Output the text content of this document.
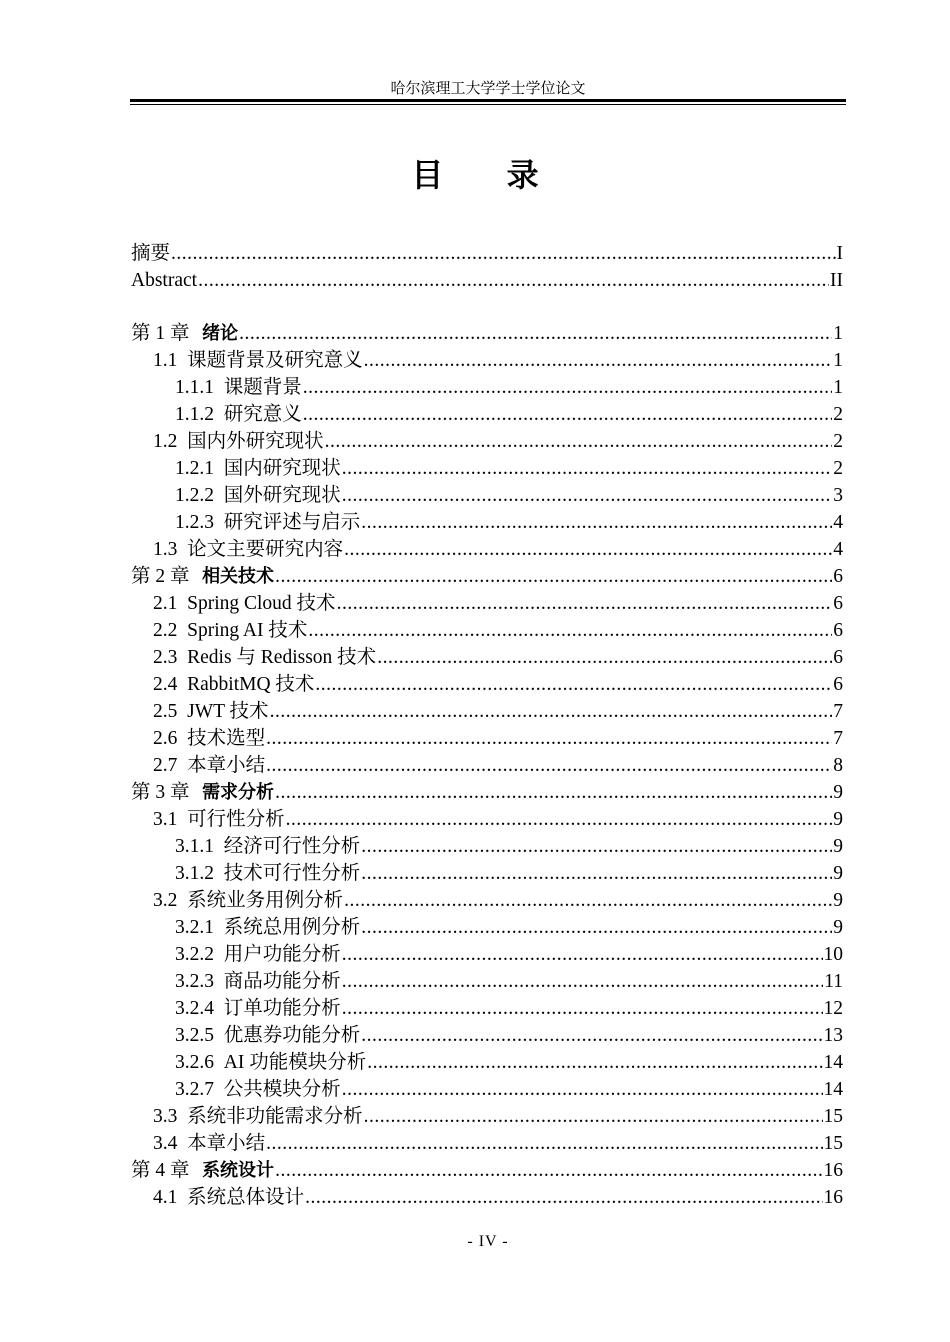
哈尔滨理工大学学士学位论文
目 录
摘要 .....	I
Abstract .....	II
第 1 章 绪论 .....	1
1.1 课题背景及研究意义 .....	1
1.1.1 课题背景 .....	1
1.1.2 研究意义 .....	2
1.2 国内外研究现状 .....	2
1.2.1 国内研究现状 .....	2
1.2.2 国外研究现状 .....	3
1.2.3 研究评述与启示 .....	4
1.3 论文主要研究内容 .....	4
第 2 章 相关技术 .....	6
2.1 Spring Cloud 技术 .....	6
2.2 Spring AI 技术 .....	6
2.3 Redis 与 Redisson 技术 .....	6
2.4 RabbitMQ 技术 .....	6
2.5 JWT 技术 .....	7
2.6 技术选型 .....	7
2.7 本章小结 .....	8
第 3 章 需求分析 .....	9
3.1 可行性分析 .....	9
3.1.1 经济可行性分析 .....	9
3.1.2 技术可行性分析 .....	9
3.2 系统业务用例分析 .....	9
3.2.1 系统总用例分析 .....	9
3.2.2 用户功能分析 .....	10
3.2.3 商品功能分析 .....	11
3.2.4 订单功能分析 .....	12
3.2.5 优惠券功能分析 .....	13
3.2.6 AI 功能模块分析 .....	14
3.2.7 公共模块分析 .....	14
3.3 系统非功能需求分析 .....	15
3.4 本章小结 .....	15
第 4 章 系统设计 .....	16
4.1 系统总体设计 .....	16
- IV -
